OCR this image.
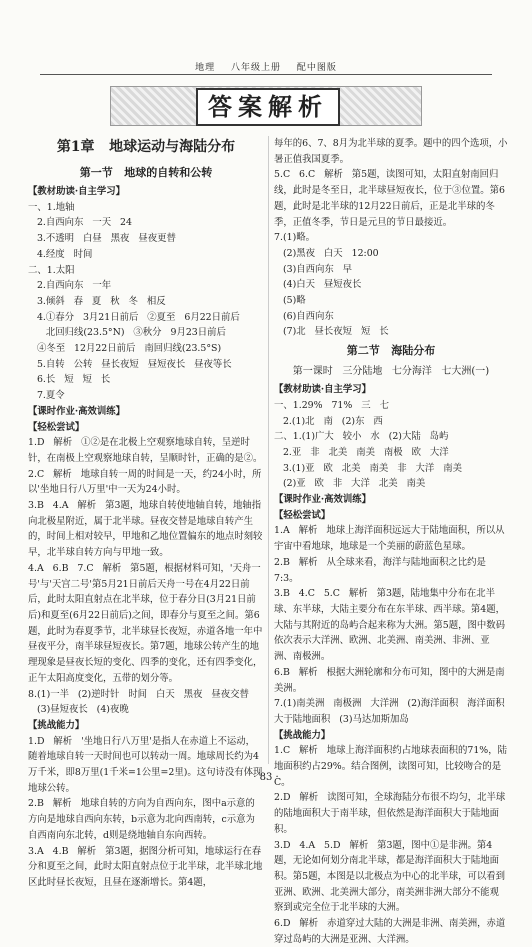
地理 八年级上册 配中图版
答案解析

第1章   地球运动与海陆分布

第一节   地球的自转和公转

【教材助读·自主学习】

一、1.地轴

2.自西向东   一天   24

3.不透明   白昼   黑夜   昼夜更替

4.经度   时间

二、1.太阳

2.自西向东   一年

3.倾斜   春   夏   秋   冬   相反

4.①春分   3月21日前后   ②夏至   6月22日前后

北回归线(23.5°N)   ③秋分   9月23日前后

④冬至   12月22日前后   南回归线(23.5°S)

5.自转   公转   昼长夜短   昼短夜长   昼夜等长

6.长   短   短   长

7.夏令

【课时作业·高效训练】

【轻松尝试】

1.D   解析   ①②是在北极上空观察地球自转，呈逆时针，在南极上空观察地球自转，呈顺时针，正确的是②。

2.C   解析   地球自转一周的时间是一天，约24小时，所以'坐地日行八万里'中一天为24小时。

3.B   4.A   解析   第3题，地球自转使地轴自转，地轴指向北极星附近，属于北半球。昼夜交替是地球自转产生的，时间上相对较早，甲地和乙地位置偏东的地点时刻较早，北半球自转方向与甲地一致。

4.A   6.B   7.C   解析   第5题，根据材料可知，'天舟一号'与'天宫二号'第5月21日前后天舟一号在4月22日前后，此时太阳直射点在北半球，位于春分日(3月21日前后)和夏至(6月22日前后)之间，即春分与夏至之间。第6题，此时为春夏季节，北半球昼长夜短，赤道各地一年中昼夜平分，南半球昼短夜长。第7题，地球公转产生的地理现象是昼夜长短的变化、四季的变化，还有四季变化，正午太阳高度变化，五带的划分等。

8.(1)一半   (2)逆时针   时间   白天   黑夜   昼夜交替

(3)昼短夜长   (4)夜晚

【挑战能力】

1.D   解析   '坐地日行八万里'是指人在赤道上不运动，随着地球自转一天时间也可以转动一周。地球周长约为4万千米，即8万里(1千米=1公里=2里)。这句诗没有体现地球公转。

2.B   解析   地球自转的方向为自西向东，图中a示意的方向是地球自西向东转，b示意为北向西南转，c示意为自西南向东北转，d则是绕地轴自东向西转。

3.A   4.B   解析   第3题，据图分析可知，地球运行在春分和夏至之间，此时太阳直射点位于北半球，北半球北地区此时昼长夜短，且昼在逐渐增长。第4题，

每年的6、7、8月为北半球的夏季。题中的四个选项，小暑正值我国夏季。

5.C   6.C   解析   第5题，读图可知，太阳直射南回归线，此时是冬至日，北半球昼短夜长，位于③位置。第6题，此时是北半球的12月22日前后，正是北半球的冬季，正值冬季，节日是元旦的节日最接近。

7.(1)略。

(2)黑夜   白天   12:00

(3)自西向东   早

(4)白天   昼短夜长

(5)略

(6)自西向东

(7)北   昼长夜短   短   长

第二节   海陆分布

第一课时   三分陆地   七分海洋   七大洲(一)

【教材助读·自主学习】

一、1.29%   71%   三   七

2.(1)北   南   (2)东   西

二、1.(1)广大   较小   水   (2)大陆   岛屿

2.亚   非   北美   南美   南极   欧   大洋

3.(1)亚   欧   北美   南美   非   大洋   南美

(2)亚   欧   非   大洋   北美   南美

【课时作业·高效训练】

【轻松尝试】

1.A   解析   地球上海洋面积远远大于陆地面积，所以从宇宙中看地球，地球是一个美丽的蔚蓝色星球。

2.B   解析   从全球来看，海洋与陆地面积之比约是7:3。

3.B   4.C   5.C   解析   第3题，陆地集中分布在北半球、东半球，大陆主要分布在东半球、西半球。第4题，大陆与其附近的岛屿合起来称为大洲。第5题，图中数码依次表示大洋洲、欧洲、北美洲、南美洲、非洲、亚洲、南极洲。

6.B   解析   根据大洲轮廓和分布可知，图中的大洲是南美洲。

7.(1)南美洲   南极洲   大洋洲   (2)海洋面积   海洋面积大于陆地面积   (3)马达加斯加岛

【挑战能力】

1.C   解析   地球上海洋面积约占地球表面积的71%，陆地面积约占29%。结合图例，读图可知，比较吻合的是C。

2.D   解析   读图可知，全球海陆分布很不均匀，北半球的陆地面积大于南半球，但依然是海洋面积大于陆地面积。

3.D   4.A   5.D   解析   第3题，图中①是非洲。第4题，无论如何划分南北半球，都是海洋面积大于陆地面积。第5题，本图是以北极点为中心的北半球，可以看到亚洲、欧洲、北美洲大部分，南美洲非洲大部分不能观察到或完全位于北半球的大洲。

6.D   解析   赤道穿过大陆的大洲是非洲、南美洲，赤道穿过岛屿的大洲是亚洲、大洋洲。

· 83 ·
